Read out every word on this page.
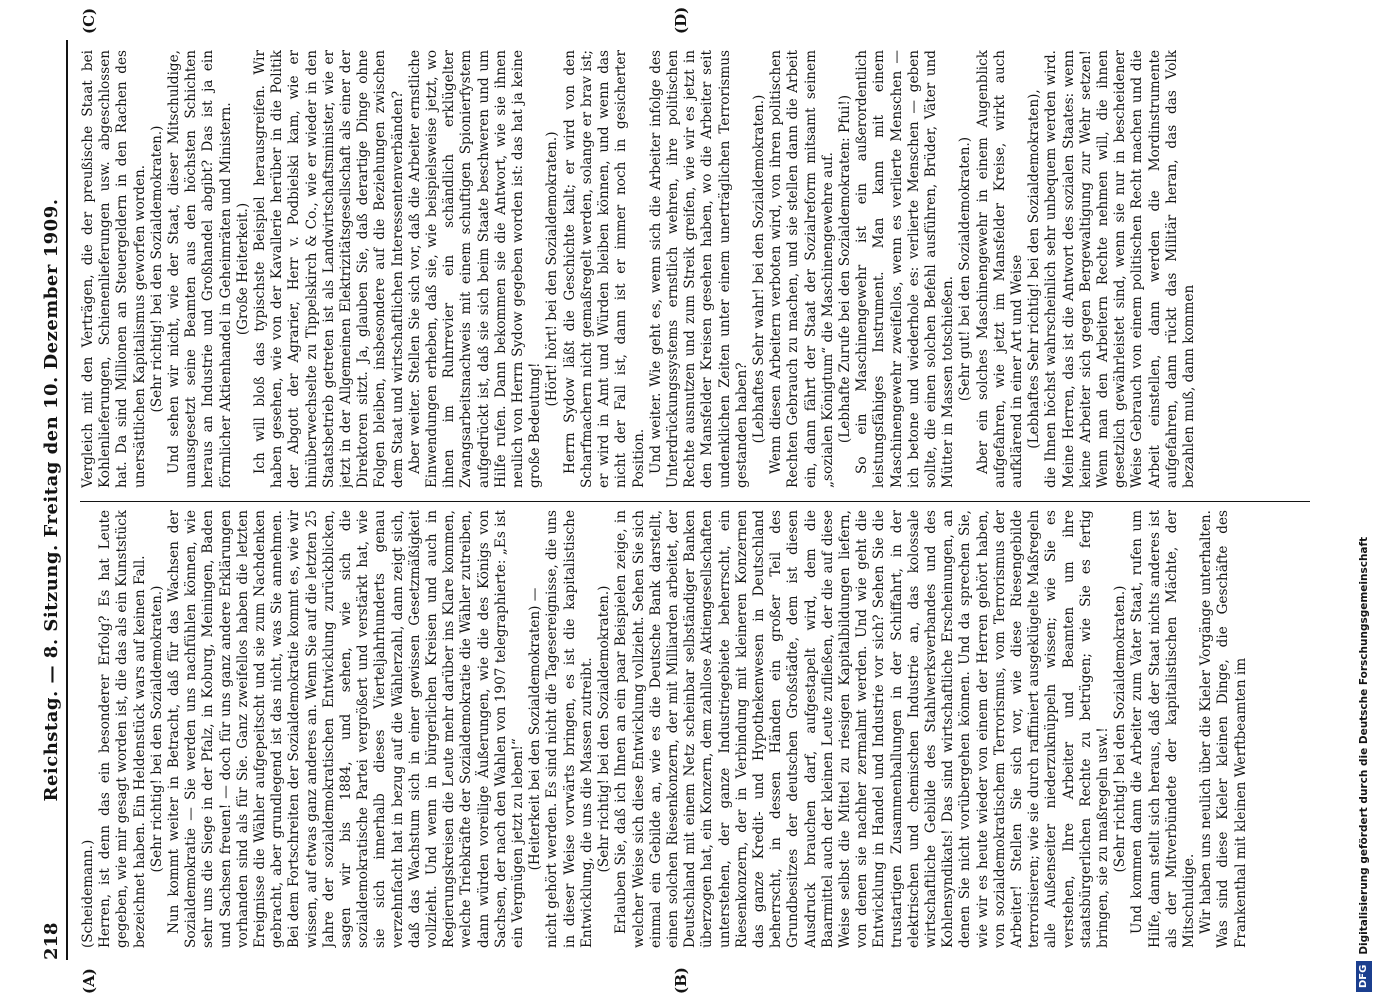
218
Reichstag. — 8. Sitzung. Freitag den 10. Dezember 1909.

(Scheidemann.) Herren, ist denn das ein besonderer Erfolg? Es hat Leute gegeben, wie mir gesagt worden ist, die das als ein Kunststück bezeichnet haben. Ein Heldenstück wars auf keinen Fall. (Sehr richtig! bei den Sozialdemokraten.) Nun kommt weiter in Betracht, daß für das Wachsen der Sozialdemokratie — Sie werden uns nachfühlen können, wie sehr uns die Siege in der Pfalz, in Koburg, Meiningen, Baden und Sachsen freuen! — doch für uns ganz andere Erklärungen vorhanden sind als für Sie. Ganz zweifellos haben die letzten Ereignisse die Wähler aufgepeitscht und sie zum Nachdenken gebracht, aber grundlegend ist das nicht, was Sie annehmen. Bei dem Fortschreiten der Sozialdemokratie kommt es, wie wir wissen, auf etwas ganz anderes an. Wenn Sie auf die letzten 25 Jahre der sozialdemokratischen Entwicklung zurückblicken, sagen wir bis 1884, und sehen, wie sich die sozialdemokratische Partei vergrößert und verstärkt hat, wie sie sich innerhalb dieses Vierteljahrhunderts genau verzehnfacht hat in bezug auf die Wählerzahl, dann zeigt sich, daß das Wachstum sich in einer gewissen Gesetzmäßigkeit vollzieht. Und wenn in bürgerlichen Kreisen und auch in Regierungskreisen die Leute mehr darüber ins Klare kommen, welche Triebkräfte der Sozialdemokratie die Wähler zutreiben, dann würden voreilige Äußerungen, wie die des Königs von Sachsen, der nach den Wahlen von 1907 telegraphierte: „Es ist ein Vergnügen jetzt zu leben!“ (Heiterkeit bei den Sozialdemokraten) — nicht gehört werden. Es sind nicht die Tagesereignisse, die uns in dieser Weise vorwärts bringen, es ist die kapitalistische Entwicklung, die uns die Massen zutreibt. (Sehr richtig! bei den Sozialdemokraten.) Erlauben Sie, daß ich Ihnen an ein paar Beispielen zeige, in welcher Weise sich diese Entwicklung vollzieht. Sehen Sie sich einmal ein Gebilde an, wie es die Deutsche Bank darstellt, einen solchen Riesenkonzern, der mit Milliarden arbeitet, der Deutschland mit einem Netz scheinbar selbständiger Banken überzogen hat, ein Konzern, dem zahllose Aktiengesellschaften unterstehen, der ganze Industriegebiete beherrscht, ein Riesenkonzern, der in Verbindung mit kleineren Konzernen das ganze Kredit- und Hypothekenwesen in Deutschland beherrscht, in dessen Händen ein großer Teil des Grundbesitzes der deutschen Großstädte, dem ist diesen Ausdruck brauchen darf, aufgestapelt wird, dem die Baarmittel auch der kleinen Leute zufließen, der die auf diese Weise selbst die Mittel zu riesigen Kapitalbildungen liefern, von denen sie nachher zermalmt werden. Und wie geht die Entwicklung in Handel und Industrie vor sich? Sehen Sie die trustartigen Zusammenballungen in der Schiffahrt, in der elektrischen und chemischen Industrie an, das kolossale wirtschaftliche Gebilde des Stahlwerksverbandes und des Kohlensyndikats! Das sind wirtschaftliche Erscheinungen, an denen Sie nicht vorübergehen können. Und da sprechen Sie, wie wir es heute wieder von einem der Herren gehört haben, von sozialdemokratischem Terrorismus, vom Terrorismus der Arbeiter! Stellen Sie sich vor, wie diese Riesengebilde terrorisieren; wie sie durch raffiniert ausgeklügelte Maßregeln alle Außenseiter niederzuknüppeln wissen; wie Sie es verstehen, Ihre Arbeiter und Beamten um ihre staatsbürgerlichen Rechte zu betrügen; wie Sie es fertig bringen, sie zu maßregeln usw.! (Sehr richtig! bei den Sozialdemokraten.) Und kommen dann die Arbeiter zum Vater Staat, rufen um Hilfe, dann stellt sich heraus, daß der Staat nichts anderes ist als der Mitverbündete der kapitalistischen Mächte, der Mitschuldige. Wir haben uns neulich über die Kieler Vorgänge unterhalten. Was sind diese Kieler kleinen Dinge, die Geschäfte des Frankenthal mit kleinen Werftbeamten im

Vergleich mit den Verträgen, die der preußische Staat bei Kohlenlieferungen, Schienenlieferungen usw. abgeschlossen hat. Da sind Millionen an Steuergeldern in den Rachen des unersättlichen Kapitalismus geworfen worden. (Sehr richtig! bei den Sozialdemokraten.) Und sehen wir nicht, wie der Staat, dieser Mitschuldige, unausgesetzt seine Beamten aus den höchsten Schichten heraus an Industrie und Großhandel abgibt? Das ist ja ein förmlicher Aktienhandel in Geheimräten und Ministern. (Große Heiterkeit.) Ich will bloß das typischste Beispiel herausgreifen. Wir haben gesehen, wie von der Kavallerie herüber in die Politik der Abgott der Agrarier, Herr v. Podbielski kam, wie er hinüberwechselte zu Tippelskirch & Co., wie er wieder in den Staatsbetrieb getreten ist als Landwirtschaftsminister, wie er jetzt in der Allgemeinen Elektrizitätsgesellschaft als einer der Direktoren sitzt. Ja, glauben Sie, daß derartige Dinge ohne Folgen bleiben, insbesondere auf die Beziehungen zwischen dem Staat und wirtschaftlichen Interessentenverbänden? Aber weiter. Stellen Sie sich vor, daß die Arbeiter ernstliche Einwendungen erheben, daß sie, wie beispielsweise jetzt, wo ihnen im Ruhrrevier ein schändlich erklügelter Zwangsarbeitsnachweis mit einem schuftigen Spionierfystem aufgedrückt ist, daß sie sich beim Staate beschweren und um Hilfe rufen. Dann bekommen sie die Antwort, wie sie ihnen neulich von Herrn Sydow gegeben worden ist: das hat ja keine große Bedeutung!

(Hört! hört! bei den Sozialdemokraten.) Herrn Sydow läßt die Geschichte kalt; er wird von den Scharfmachern nicht gemaßregelt werden, solange er brav ist; er wird in Amt und Würden bleiben können, und wenn das nicht der Fall ist, dann ist er immer noch in gesicherter Position. Und weiter. Wie geht es, wenn sich die Arbeiter infolge des Unterdrückungssystems ernstlich wehren, ihre politischen Rechte ausnutzen und zum Streik greifen, wie wir es jetzt in den Mansfelder Kreisen gesehen haben, wo die Arbeiter seit undenklichen Zeiten unter einem unerträglichen Terrorismus gestanden haben? (Lebhaftes Sehr wahr! bei den Sozialdemokraten.) Wenn diesen Arbeitern verboten wird, von ihren politischen Rechten Gebrauch zu machen, und sie stellen dann die Arbeit ein, dann fährt der Staat der Sozialreform mitsamt seinem „sozialen Königtum“ die Maschinengewehre auf. (Lebhafte Zurufe bei den Sozialdemokraten: Pfui!) So ein Maschinengewehr ist ein außerordentlich leistungsfähiges Instrument. Man kann mit einem Maschinengewehr zweifellos, wenn es verlierte Menschen — ich betone und wiederhole es: verlierte Menschen — geben sollte, die einen solchen Befehl ausführen, Brüder, Väter und Mütter in Massen totschießen. (Sehr gut! bei den Sozialdemokraten.) Aber ein solches Maschinengewehr in einem Augenblick aufgefahren, wie jetzt im Mansfelder Kreise, wirkt auch aufklärend in einer Art und Weise (Lebhaftes Sehr richtig! bei den Sozialdemokraten), die Ihnen höchst wahrscheinlich sehr unbequem werden wird. Meine Herren, das ist die Antwort des sozialen Staates: wenn keine Arbeiter sich gegen Bergewaltigung zur Wehr setzen! Wenn man den Arbeitern Rechte nehmen will, die ihnen gesetzlich gewährleistet sind, wenn sie nur in bescheidener Weise Gebrauch von einem politischen Recht machen und die Arbeit einstellen, dann werden die Mordinstrumente aufgefahren, dann rückt das Militär heran, das das Volk bezahlen muß, dann kommen

(A)	(B)
(C)	(D)
DFGDigitalisierung gefördert durch die Deutsche Forschungsgemeinschaft
